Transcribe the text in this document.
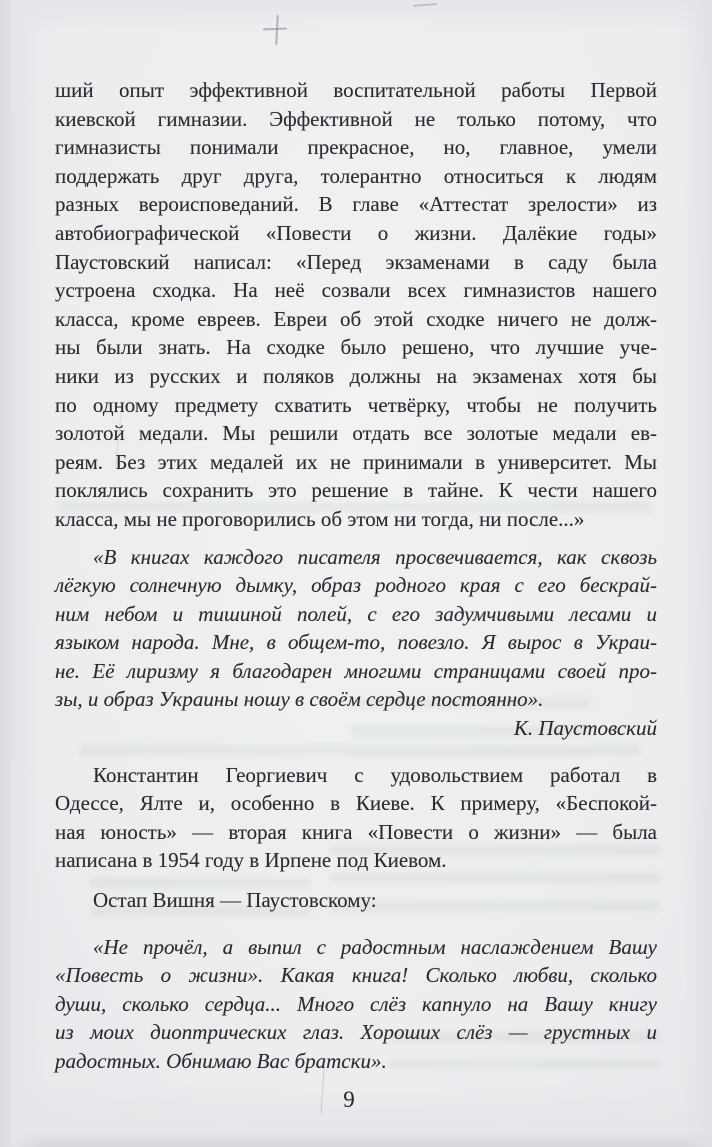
ший опыт эффективной воспитательной работы Первой
киевской гимназии. Эффективной не только потому, что
гимназисты понимали прекрасное, но, главное, умели
поддержать друг друга, толерантно относиться к людям
разных вероисповеданий. В главе «Аттестат зрелости» из
автобиографической «Повести о жизни. Далёкие годы»
Паустовский написал: «Перед экзаменами в саду была
устроена сходка. На неё созвали всех гимназистов нашего
класса, кроме евреев. Евреи об этой сходке ничего не долж-
ны были знать. На сходке было решено, что лучшие уче-
ники из русских и поляков должны на экзаменах хотя бы
по одному предмету схватить четвёрку, чтобы не получить
золотой медали. Мы решили отдать все золотые медали ев-
реям. Без этих медалей их не принимали в университет. Мы
поклялись сохранить это решение в тайне. К чести нашего
класса, мы не проговорились об этом ни тогда, ни после...»
«В книгах каждого писателя просвечивается, как сквозь
лёгкую солнечную дымку, образ родного края с его бескрай-
ним небом и тишиной полей, с его задумчивыми лесами и
языком народа. Мне, в общем-то, повезло. Я вырос в Украи-
не. Её лиризму я благодарен многими страницами своей про-
зы, и образ Украины ношу в своём сердце постоянно».
К. Паустовский
Константин Георгиевич с удовольствием работал в
Одессе, Ялте и, особенно в Киеве. К примеру, «Беспокой-
ная юность» — вторая книга «Повести о жизни» — была
написана в 1954 году в Ирпене под Киевом.
Остап Вишня — Паустовскому:
«Не прочёл, а выпил с радостным наслаждением Вашу
«Повесть о жизни». Какая книга! Сколько любви, сколько
души, сколько сердца... Много слёз капнуло на Вашу книгу
из моих диоптрических глаз. Хороших слёз — грустных и
радостных. Обнимаю Вас братски».
9
